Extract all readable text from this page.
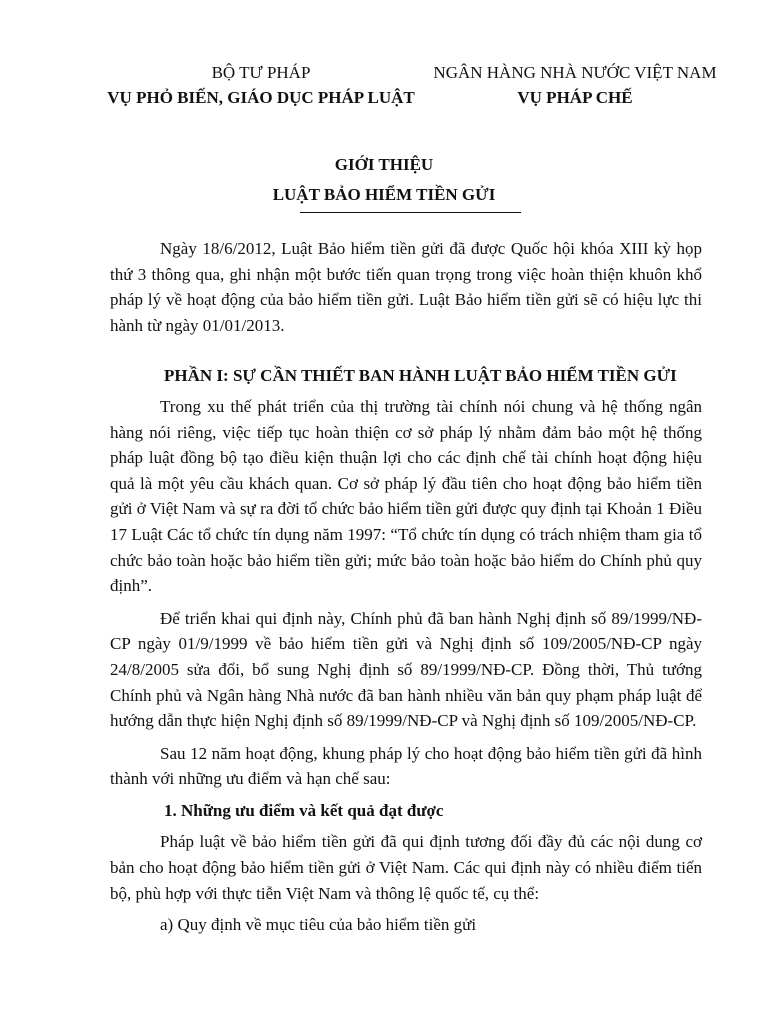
BỘ TƯ PHÁP
VỤ PHỎ BIẾN, GIÁO DỤC PHÁP LUẬT
NGÂN HÀNG NHÀ NƯỚC VIỆT NAM
VỤ PHÁP CHẾ
GIỚI THIỆU
LUẬT BẢO HIỂM TIỀN GỬI

Ngày 18/6/2012, Luật Bảo hiểm tiền gửi đã được Quốc hội khóa XIII kỳ họp thứ 3 thông qua, ghi nhận một bước tiến quan trọng trong việc hoàn thiện khuôn khổ pháp lý về hoạt động của bảo hiểm tiền gửi. Luật Bảo hiểm tiền gửi sẽ có hiệu lực thi hành từ ngày 01/01/2013.

PHẦN I: SỰ CẦN THIẾT BAN HÀNH LUẬT BẢO HIỂM TIỀN GỬI

Trong xu thế phát triển của thị trường tài chính nói chung và hệ thống ngân hàng nói riêng, việc tiếp tục hoàn thiện cơ sở pháp lý nhằm đảm bảo một hệ thống pháp luật đồng bộ tạo điều kiện thuận lợi cho các định chế tài chính hoạt động hiệu quả là một yêu cầu khách quan. Cơ sở pháp lý đầu tiên cho hoạt động bảo hiểm tiền gửi ở Việt Nam và sự ra đời tổ chức bảo hiểm tiền gửi được quy định tại Khoản 1 Điều 17 Luật Các tổ chức tín dụng năm 1997: “Tổ chức tín dụng có trách nhiệm tham gia tổ chức bảo toàn hoặc bảo hiểm tiền gửi; mức bảo toàn hoặc bảo hiểm do Chính phủ quy định”.

Để triển khai qui định này, Chính phủ đã ban hành Nghị định số 89/1999/NĐ-CP ngày 01/9/1999 về bảo hiểm tiền gửi và Nghị định số 109/2005/NĐ-CP ngày 24/8/2005 sửa đổi, bổ sung Nghị định số 89/1999/NĐ-CP. Đồng thời, Thủ tướng Chính phủ và Ngân hàng Nhà nước đã ban hành nhiều văn bản quy phạm pháp luật để hướng dẫn thực hiện Nghị định số 89/1999/NĐ-CP và Nghị định số 109/2005/NĐ-CP.

Sau 12 năm hoạt động, khung pháp lý cho hoạt động bảo hiểm tiền gửi đã hình thành với những ưu điểm và hạn chế sau:

1. Những ưu điểm và kết quả đạt được

Pháp luật về bảo hiểm tiền gửi đã qui định tương đối đầy đủ các nội dung cơ bản cho hoạt động bảo hiểm tiền gửi ở Việt Nam. Các qui định này có nhiều điểm tiến bộ, phù hợp với thực tiễn Việt Nam và thông lệ quốc tế, cụ thể:

a) Quy định về mục tiêu của bảo hiểm tiền gửi
